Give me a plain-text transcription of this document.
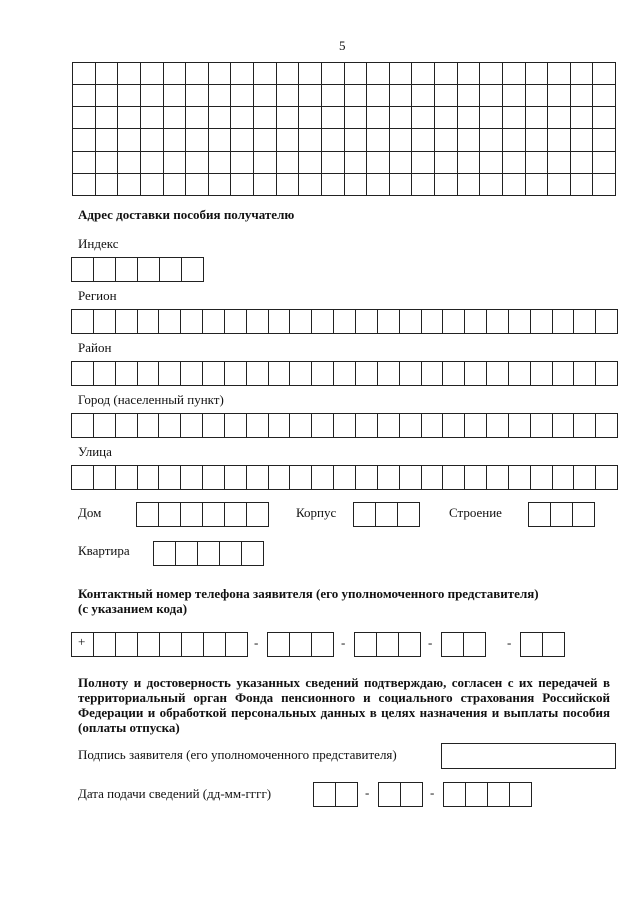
5

Адрес доставки пособия получателю
Индекс
Регион
Район
Город (населенный пункт)
Улица
Дом	Корпус	Строение
Квартира
Контактный номер телефона заявителя (его уполномоченного представителя)
(с указанием кода)
+	-	-	-	-
Полноту и достоверность указанных сведений подтверждаю, согласен с их передачей в
территориальный орган Фонда пенсионного и социального страхования Российской
Федерации и обработкой персональных данных в целях назначения и выплаты пособия
(оплаты отпуска)
Подпись заявителя (его уполномоченного представителя)
Дата подачи сведений (дд-мм-гггг)	-	-
